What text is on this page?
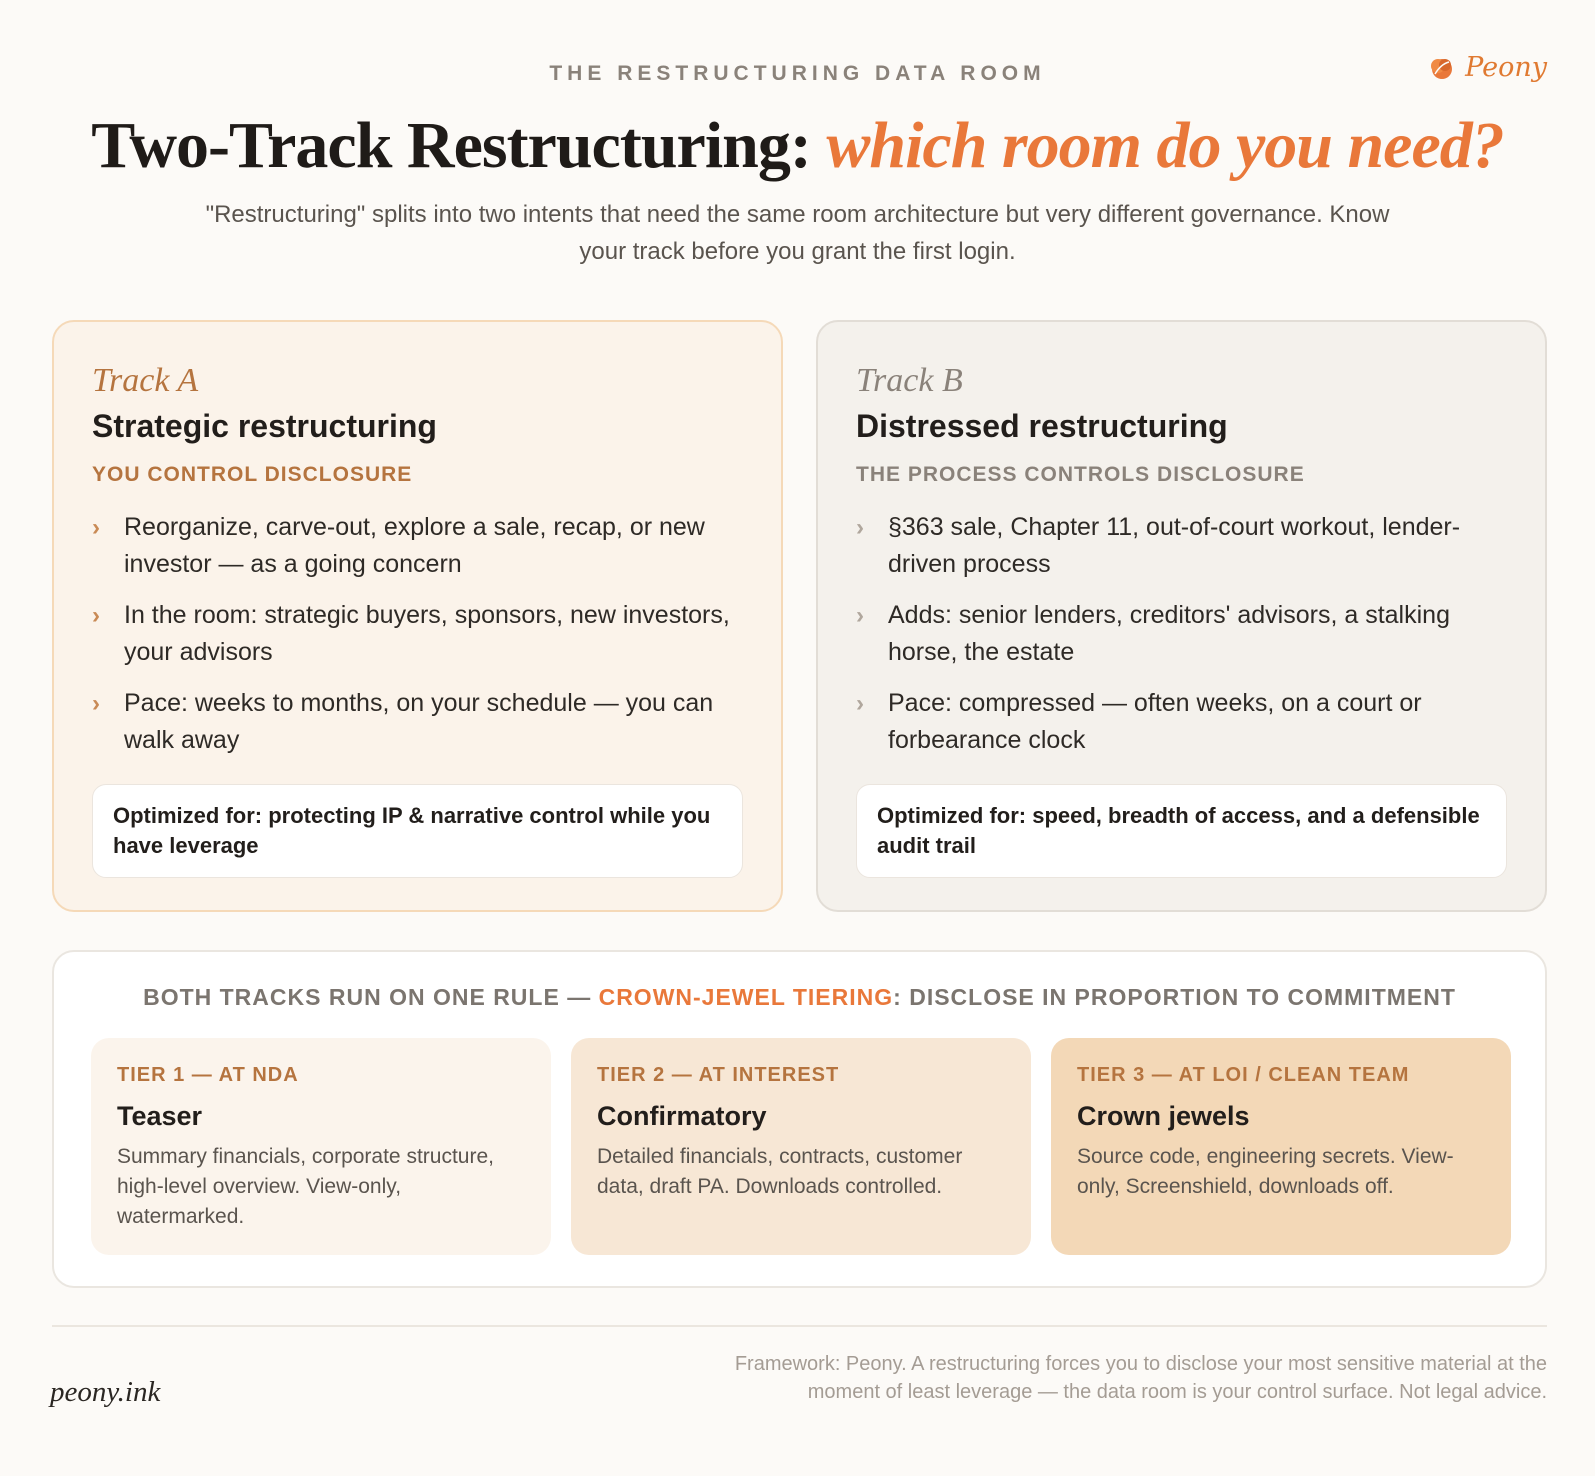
THE RESTRUCTURING DATA ROOM	Peony
Two-Track Restructuring: which room do you need?

"Restructuring" splits into two intents that need the same room architecture but very different governance. Know your track before you grant the first login.

Track A
Strategic restructuring
YOU CONTROL DISCLOSURE
› Reorganize, carve-out, explore a sale, recap, or new investor — as a going concern
› In the room: strategic buyers, sponsors, new investors, your advisors
› Pace: weeks to months, on your schedule — you can walk away
Optimized for: protecting IP & narrative control while you have leverage
Track B
Distressed restructuring
THE PROCESS CONTROLS DISCLOSURE
› §363 sale, Chapter 11, out-of-court workout, lender-driven process
› Adds: senior lenders, creditors' advisors, a stalking horse, the estate
› Pace: compressed — often weeks, on a court or forbearance clock
Optimized for: speed, breadth of access, and a defensible audit trail
BOTH TRACKS RUN ON ONE RULE — CROWN-JEWEL TIERING: DISCLOSE IN PROPORTION TO COMMITMENT
TIER 1 — AT NDA
Teaser
Summary financials, corporate structure, high-level overview. View-only, watermarked.
TIER 2 — AT INTEREST
Confirmatory
Detailed financials, contracts, customer data, draft PA. Downloads controlled.
TIER 3 — AT LOI / CLEAN TEAM
Crown jewels
Source code, engineering secrets. View-only, Screenshield, downloads off.
peony.ink

Framework: Peony. A restructuring forces you to disclose your most sensitive material at the moment of least leverage — the data room is your control surface. Not legal advice.
